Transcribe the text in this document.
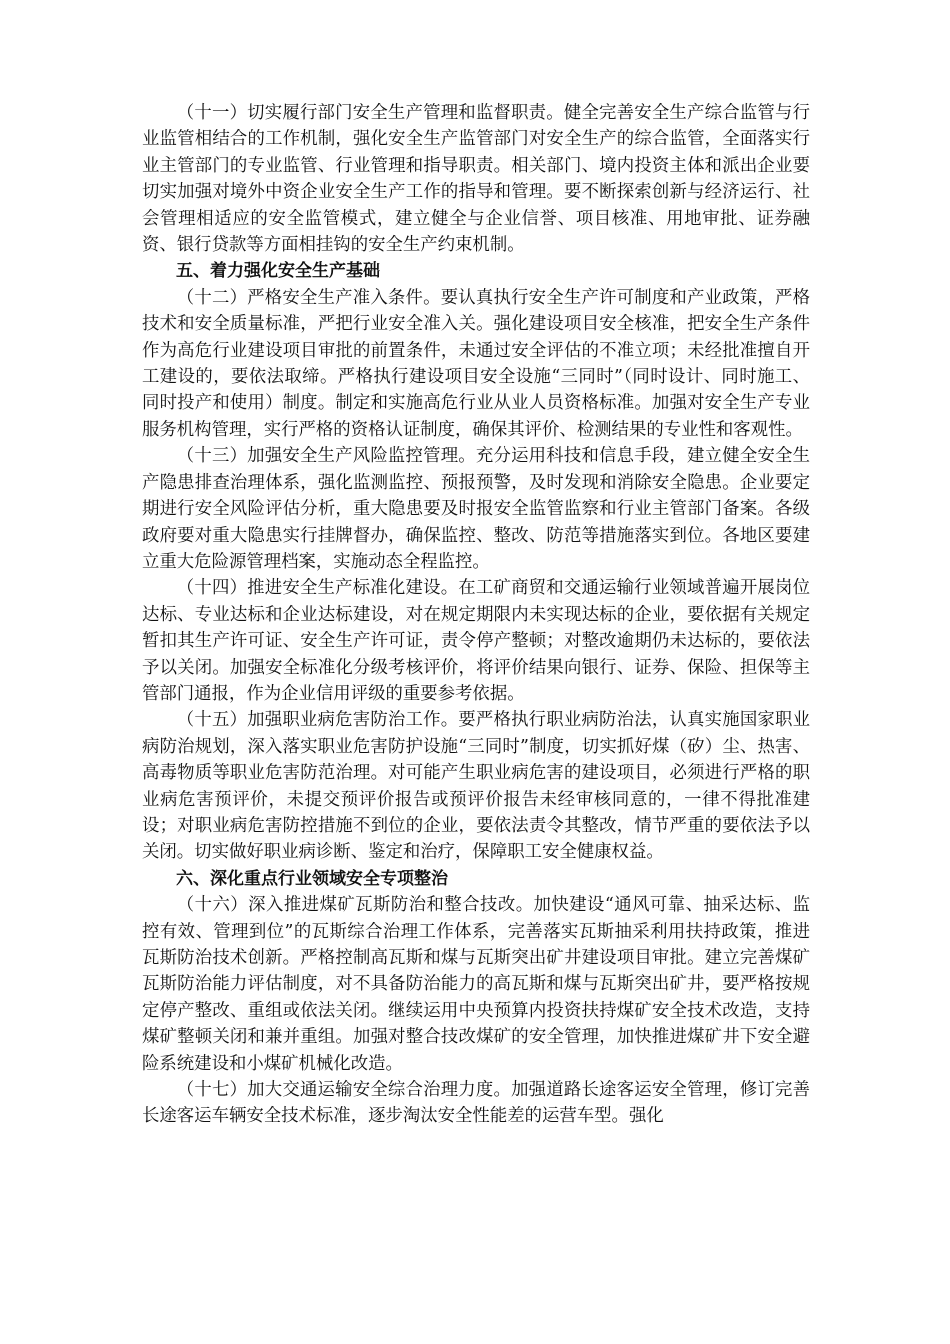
（十一）切实履行部门安全生产管理和监督职责。健全完善安全生产综合监管与行业监管相结合的工作机制，强化安全生产监管部门对安全生产的综合监管，全面落实行业主管部门的专业监管、行业管理和指导职责。相关部门、境内投资主体和派出企业要切实加强对境外中资企业安全生产工作的指导和管理。要不断探索创新与经济运行、社会管理相适应的安全监管模式，建立健全与企业信誉、项目核准、用地审批、证券融资、银行贷款等方面相挂钩的安全生产约束机制。

五、着力强化安全生产基础

（十二）严格安全生产准入条件。要认真执行安全生产许可制度和产业政策，严格技术和安全质量标准，严把行业安全准入关。强化建设项目安全核准，把安全生产条件作为高危行业建设项目审批的前置条件，未通过安全评估的不准立项；未经批准擅自开工建设的，要依法取缔。严格执行建设项目安全设施“三同时”（同时设计、同时施工、同时投产和使用）制度。制定和实施高危行业从业人员资格标准。加强对安全生产专业服务机构管理，实行严格的资格认证制度，确保其评价、检测结果的专业性和客观性。

（十三）加强安全生产风险监控管理。充分运用科技和信息手段，建立健全安全生产隐患排查治理体系，强化监测监控、预报预警，及时发现和消除安全隐患。企业要定期进行安全风险评估分析，重大隐患要及时报安全监管监察和行业主管部门备案。各级政府要对重大隐患实行挂牌督办，确保监控、整改、防范等措施落实到位。各地区要建立重大危险源管理档案，实施动态全程监控。

（十四）推进安全生产标准化建设。在工矿商贸和交通运输行业领域普遍开展岗位达标、专业达标和企业达标建设，对在规定期限内未实现达标的企业，要依据有关规定暂扣其生产许可证、安全生产许可证，责令停产整顿；对整改逾期仍未达标的，要依法予以关闭。加强安全标准化分级考核评价，将评价结果向银行、证券、保险、担保等主管部门通报，作为企业信用评级的重要参考依据。

（十五）加强职业病危害防治工作。要严格执行职业病防治法，认真实施国家职业病防治规划，深入落实职业危害防护设施“三同时”制度，切实抓好煤（矽）尘、热害、高毒物质等职业危害防范治理。对可能产生职业病危害的建设项目，必须进行严格的职业病危害预评价，未提交预评价报告或预评价报告未经审核同意的，一律不得批准建设；对职业病危害防控措施不到位的企业，要依法责令其整改，情节严重的要依法予以关闭。切实做好职业病诊断、鉴定和治疗，保障职工安全健康权益。

六、深化重点行业领域安全专项整治

（十六）深入推进煤矿瓦斯防治和整合技改。加快建设“通风可靠、抽采达标、监控有效、管理到位”的瓦斯综合治理工作体系，完善落实瓦斯抽采利用扶持政策，推进瓦斯防治技术创新。严格控制高瓦斯和煤与瓦斯突出矿井建设项目审批。建立完善煤矿瓦斯防治能力评估制度，对不具备防治能力的高瓦斯和煤与瓦斯突出矿井，要严格按规定停产整改、重组或依法关闭。继续运用中央预算内投资扶持煤矿安全技术改造，支持煤矿整顿关闭和兼并重组。加强对整合技改煤矿的安全管理，加快推进煤矿井下安全避险系统建设和小煤矿机械化改造。

（十七）加大交通运输安全综合治理力度。加强道路长途客运安全管理，修订完善长途客运车辆安全技术标准，逐步淘汰安全性能差的运营车型。强化
